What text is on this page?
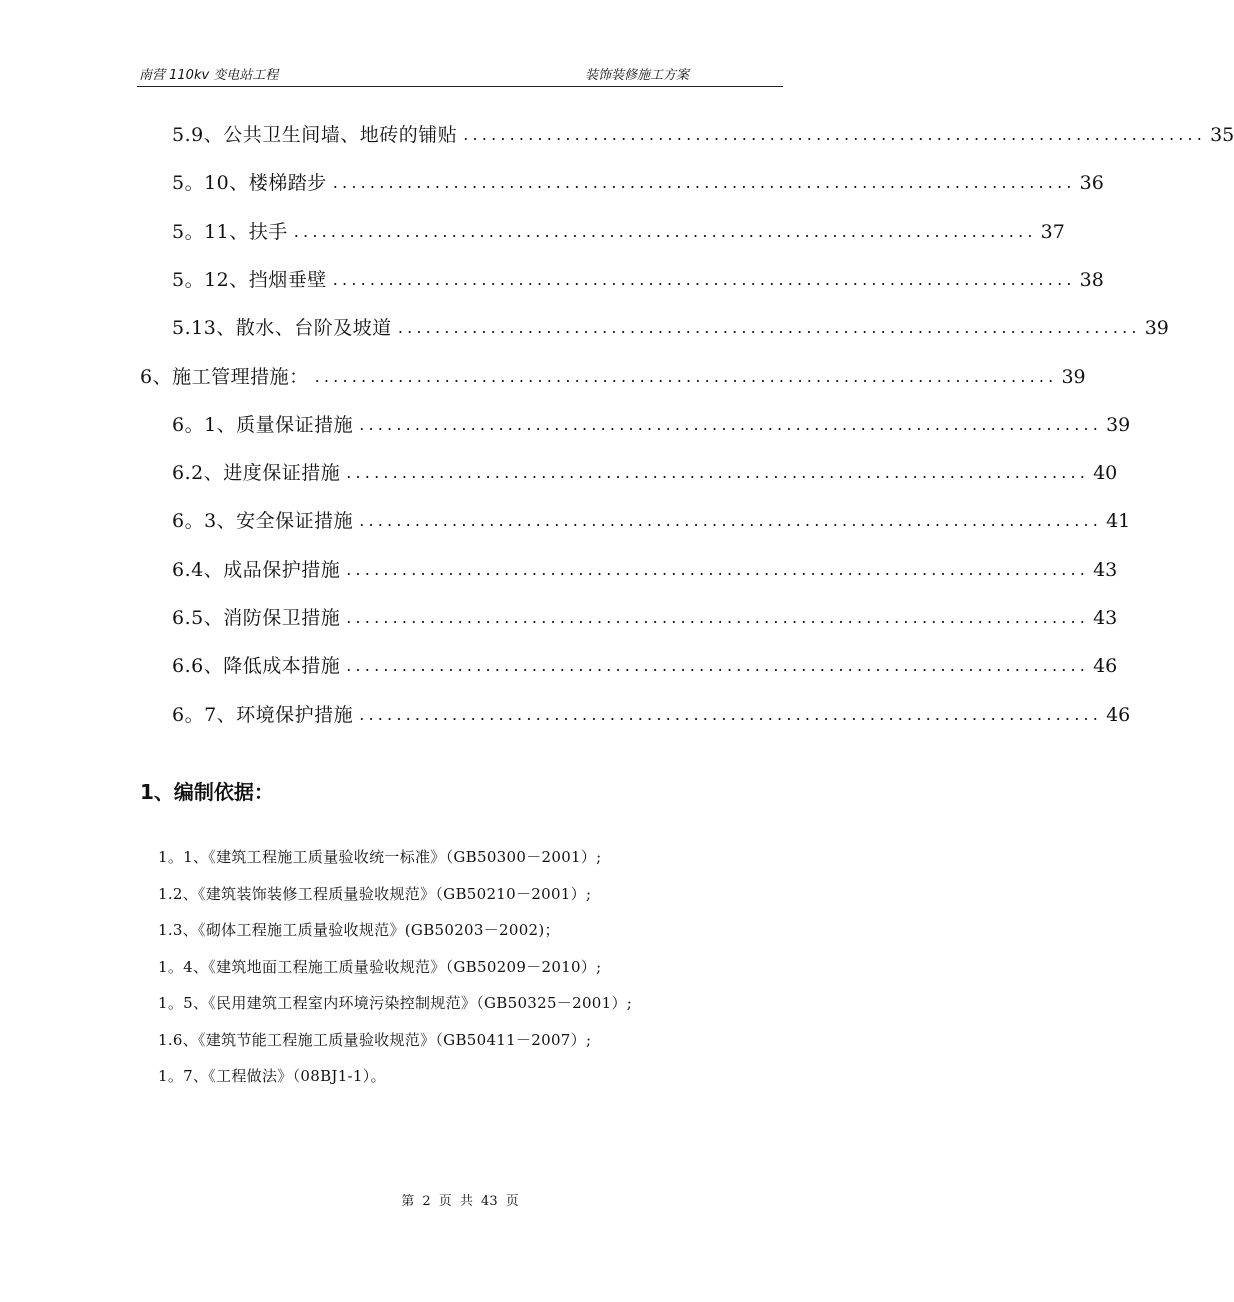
南营 110kv 变电站工程	装饰装修施工方案
5.9、公共卫生间墙、地砖的铺贴 ................................................................................ 35
5。10、楼梯踏步 ................................................................................ 36
5。11、扶手 ................................................................................ 37
5。12、挡烟垂壁 ................................................................................ 38
5.13、散水、台阶及坡道 ................................................................................ 39
6、施工管理措施： ................................................................................ 39
6。1、质量保证措施 ................................................................................ 39
6.2、进度保证措施 ................................................................................ 40
6。3、安全保证措施 ................................................................................ 41
6.4、成品保护措施 ................................................................................ 43
6.5、消防保卫措施 ................................................................................ 43
6.6、降低成本措施 ................................................................................ 46
6。7、环境保护措施 ................................................................................ 46
1、编制依据：
1。1、《建筑工程施工质量验收统一标准》（GB50300－2001）;
1.2、《建筑装饰装修工程质量验收规范》（GB50210－2001）;
1.3、《砌体工程施工质量验收规范》(GB50203－2002)；
1。4、《建筑地面工程施工质量验收规范》（GB50209－2010）;
1。5、《民用建筑工程室内环境污染控制规范》（GB50325－2001）;
1.6、《建筑节能工程施工质量验收规范》（GB50411－2007）;
1。7、《工程做法》（08BJ1-1）。
第 2 页 共 43 页
